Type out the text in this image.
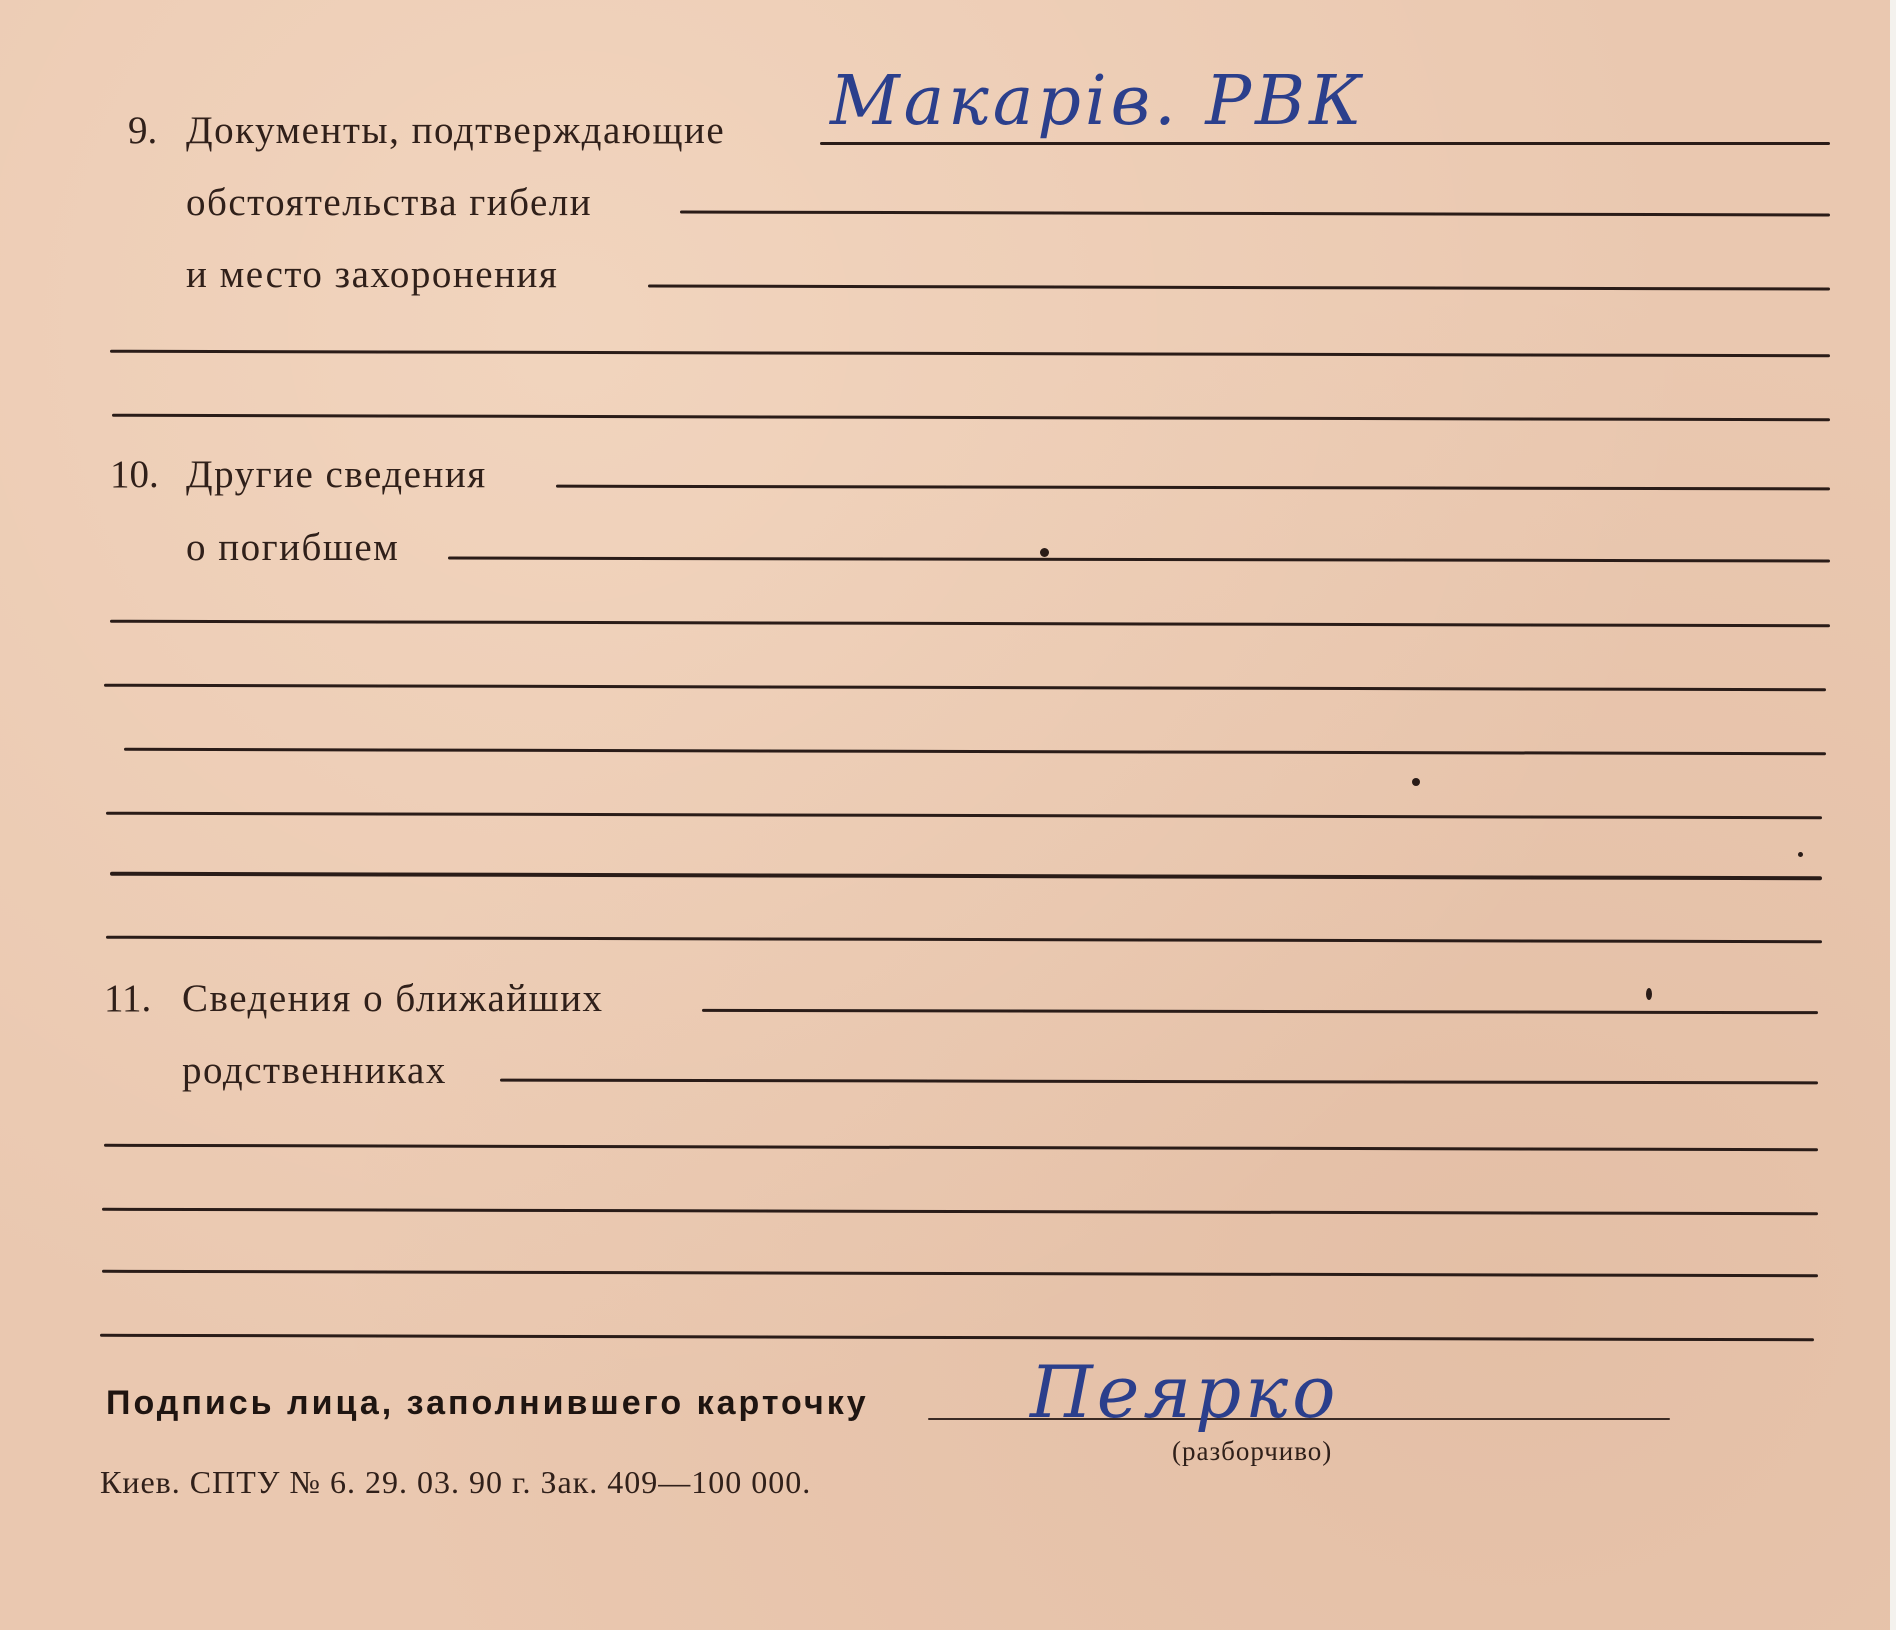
9. Документы, подтверждающие Макарів. РВК
обстоятельства гибели
и место захоронения
10. Другие сведения
о погибшем
11. Сведения о ближайших
родственниках
Подпись лица, заполнившего карточку Пеярко
(разборчиво)
Киев. СПТУ № 6. 29. 03. 90 г. Зак. 409—100 000.
